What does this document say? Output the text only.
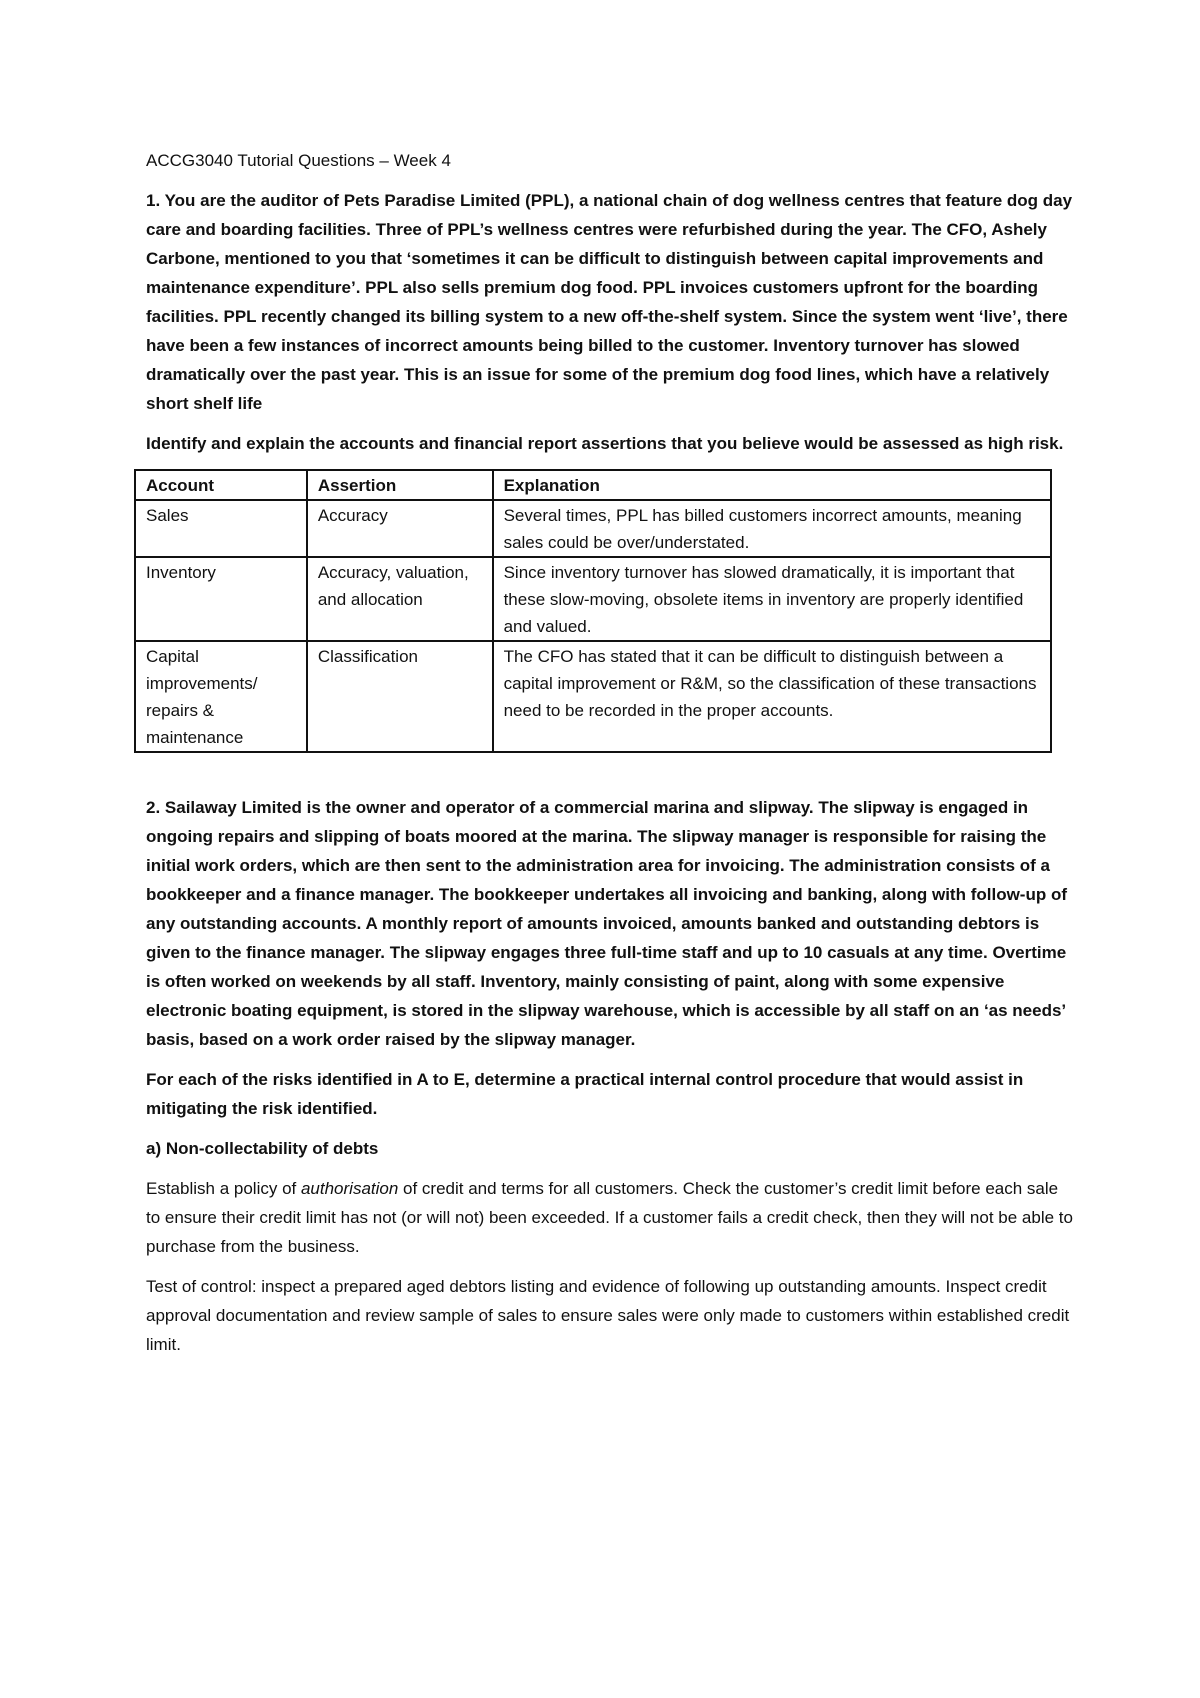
ACCG3040 Tutorial Questions – Week 4

1. You are the auditor of Pets Paradise Limited (PPL), a national chain of dog wellness centres that feature dog day care and boarding facilities. Three of PPL’s wellness centres were refurbished during the year. The CFO, Ashely Carbone, mentioned to you that ‘sometimes it can be difficult to distinguish between capital improvements and maintenance expenditure’. PPL also sells premium dog food. PPL invoices customers upfront for the boarding facilities. PPL recently changed its billing system to a new off-the-shelf system. Since the system went ‘live’, there have been a few instances of incorrect amounts being billed to the customer. Inventory turnover has slowed dramatically over the past year. This is an issue for some of the premium dog food lines, which have a relatively short shelf life

Identify and explain the accounts and financial report assertions that you believe would be assessed as high risk.

Account	Assertion	Explanation
Sales	Accuracy	Several times, PPL has billed customers incorrect amounts, meaning sales could be over/understated.
Inventory	Accuracy, valuation, and allocation	Since inventory turnover has slowed dramatically, it is important that these slow-moving, obsolete items in inventory are properly identified and valued.
Capital improvements/ repairs & maintenance	Classification	The CFO has stated that it can be difficult to distinguish between a capital improvement or R&M, so the classification of these transactions need to be recorded in the proper accounts.

2. Sailaway Limited is the owner and operator of a commercial marina and slipway. The slipway is engaged in ongoing repairs and slipping of boats moored at the marina. The slipway manager is responsible for raising the initial work orders, which are then sent to the administration area for invoicing. The administration consists of a bookkeeper and a finance manager. The bookkeeper undertakes all invoicing and banking, along with follow-up of any outstanding accounts. A monthly report of amounts invoiced, amounts banked and outstanding debtors is given to the finance manager. The slipway engages three full-time staff and up to 10 casuals at any time. Overtime is often worked on weekends by all staff. Inventory, mainly consisting of paint, along with some expensive electronic boating equipment, is stored in the slipway warehouse, which is accessible by all staff on an ‘as needs’ basis, based on a work order raised by the slipway manager.

For each of the risks identified in A to E, determine a practical internal control procedure that would assist in mitigating the risk identified.

a) Non-collectability of debts

Establish a policy of authorisation of credit and terms for all customers. Check the customer’s credit limit before each sale to ensure their credit limit has not (or will not) been exceeded. If a customer fails a credit check, then they will not be able to purchase from the business.

Test of control: inspect a prepared aged debtors listing and evidence of following up outstanding amounts. Inspect credit approval documentation and review sample of sales to ensure sales were only made to customers within established credit limit.
